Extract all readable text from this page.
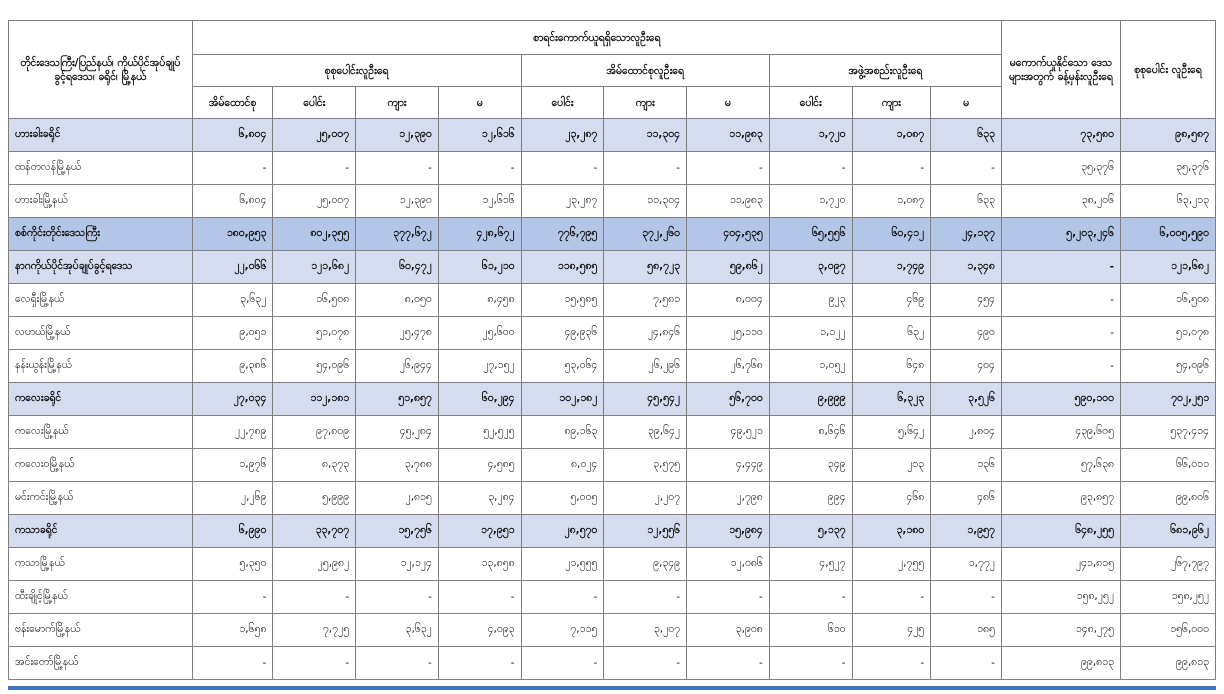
တိုင်းဒေသကြီး/ပြည်နယ်၊ ကိုယ်ပိုင်အုပ်ချုပ်ခွင့်ရဒေသ၊ ခရိုင်၊ မြို့နယ်	စာရင်းကောက်ယူရရှိသောလူဦးရေ										မကောက်ယူနိုင်သော ဒေသများအတွက် ခန့်မှန်းလူဦးရေ	စုစုပေါင်း လူဦးရေ
	စုစုပေါင်းလူဦးရေ				အိမ်ထောင်စုလူဦးရေ			အဖွဲ့အစည်းလူဦးရေ				
	အိမ်ထောင်စု	ပေါင်း	ကျား	မ	ပေါင်း	ကျား	မ	ပေါင်း	ကျား	မ		
ဟားခါးခရိုင်	၆,၈၀၄	၂၅,၀၀၇	၁၂,၃၉၀	၁၂,၆၁၆	၂၃,၂၈၇	၁၁,၃၀၄	၁၁,၉၈၃	၁,၇၂၀	၁,၀၈၇	၆၃၃	၇၃,၅၈၀	၉၈,၅၈၇
ထန်တလန်မြို့နယ်	-	-	-	-	-	-	-	-	-	-	၃၅,၃၇၆	၃၅,၃၇၆
ဟားခါးမြို့နယ်	၆,၈၀၄	၂၅,၀၀၇	၁၂,၃၉၀	၁၂,၆၁၆	၂၃,၂၈၇	၁၁,၃၀၄	၁၁,၉၈၃	၁,၇၂၀	၁,၀၈၇	၆၃၃	၃၈,၂၀၆	၆၃,၂၁၃
စစ်ကိုင်းတိုင်းဒေသကြီး	၁၈၀,၉၅၃	၈၀၂,၃၅၅	၃၇၇,၆၇၂	၄၂၈,၆၇၂	၇၇၆,၇၉၅	၃၇၂,၂၆၀	၄၀၄,၅၃၅	၆၅,၅၅၆	၆၀,၄၁၂	၂၄,၁၃၇	၅,၂၀၃,၂၄၆	၆,၀၀၅,၅၉၀
နာဂကိုယ်ပိုင်အုပ်ချုပ်ခွင့်ရဒေသ	၂၂,၀၆၆	၁၂၁,၆၈၂	၆၀,၄၇၂	၆၁,၂၁၀	၁၁၈,၅၈၅	၅၈,၇၂၃	၅၉,၈၆၂	၃,၀၉၇	၁,၇၄၉	၁,၃၄၈	-	၁၂၁,၆၈၂
လေရှီးမြို့နယ်	၃,၆၃၂	၁၆,၅၀၈	၈,၀၅၀	၈,၄၅၈	၁၅,၅၈၅	၇,၅၈၁	၈,၀၀၄	၉၂၃	၄၆၉	၄၅၄	-	၁၆,၅၀၈
လဟယ်မြို့နယ်	၉,၀၅၁	၅၁,၀၇၈	၂၅,၄၇၈	၂၅,၆၀၀	၄၉,၉၃၆	၂၄,၈၄၆	၂၅,၁၁၀	၁,၁၂၂	၆၃၂	၄၉၀	-	၅၁,၀၇၈
နန်းယွန်းမြို့နယ်	၉,၃၈၆	၅၄,၀၉၆	၂၆,၉၄၄	၂၇,၁၅၂	၅၃,၀၆၄	၂၆,၂၉၆	၂၆,၇၆၈	၁,၀၅၂	၆၄၈	၄၀၄	-	၅၄,၀၉၆
ကလေးခရိုင်	၂၇,၀၃၄	၁၁၂,၁၈၁	၅၁,၈၅၇	၆၀,၂၉၄	၁၀၂,၁၈၂	၄၅,၅၄၂	၅၆,၇၀၀	၉,၉၉၉	၆,၃၂၃	၃,၅၂၆	၅၉၀,၁၀၀	၇၀၂,၂၅၁
ကလေးမြို့နယ်	၂၂,၇၈၉	၉၇,၈၀၉	၄၅,၂၈၄	၅၂,၅၂၅	၈၉,၁၆၃	၃၉,၆၄၂	၄၉,၅၂၁	၈,၆၄၆	၅,၆၄၂	၂,၈၀၄	၄၃၉,၆၀၅	၅၃၇,၄၁၄
ကလေးဝမြို့နယ်	၁,၉၇၆	၈,၃၇၃	၃,၇၈၈	၄,၅၈၅	၈,၀၂၄	၃,၅၇၅	၄,၄၄၉	၃၄၉	၂၁၃	၁၃၆	၅၇,၆၃၈	၆၆,၀၁၁
မင်းကင်းမြို့နယ်	၂,၂၆၉	၅,၉၉၉	၂,၈၁၅	၃,၂၈၄	၅,၀၀၅	၂,၂၀၇	၂,၇၉၈	၉၉၄	၄၆၈	၄၈၆	၉၃,၈၅၇	၉၉,၈၀၆
ကသာခရိုင်	၆,၉၉၀	၃၃,၇၀၇	၁၅,၇၅၆	၁၇,၉၅၁	၂၈,၅၇၀	၁၂,၅၅၆	၁၅,၉၈၄	၅,၁၃၇	၃,၁၈၀	၁,၉၅၇	၆၄၈,၂၅၅	၆၈၁,၉၆၂
ကသာမြို့နယ်	၅,၃၅၀	၂၅,၉၈၂	၁၂,၁၂၄	၁၃,၈၅၈	၂၁,၅၅၅	၉,၃၄၉	၁၂,၀၈၆	၄,၅၂၇	၂,၇၅၅	၁,၇၇၂	၂၄၁,၈၁၅	၂၆၇,၇၉၇
ထီးချိုင့်မြို့နယ်	-	-	-	-	-	-	-	-	-	-	၁၅၈,၂၅၂	၁၅၈,၂၅၂
ဗန်းမောက်မြို့နယ်	၁,၆၅၈	၇,၇၂၅	၃,၆၃၂	၄,၀၉၃	၇,၁၁၅	၃,၂၀၇	၃,၉၀၈	၆၁၀	၄၂၅	၁၈၅	၁၄၈,၂၇၅	၁၅၆,၀၀၀
အင်းတော်မြို့နယ်	-	-	-	-	-	-	-	-	-	-	၉၉,၈၁၃	၉၉,၈၁၃
